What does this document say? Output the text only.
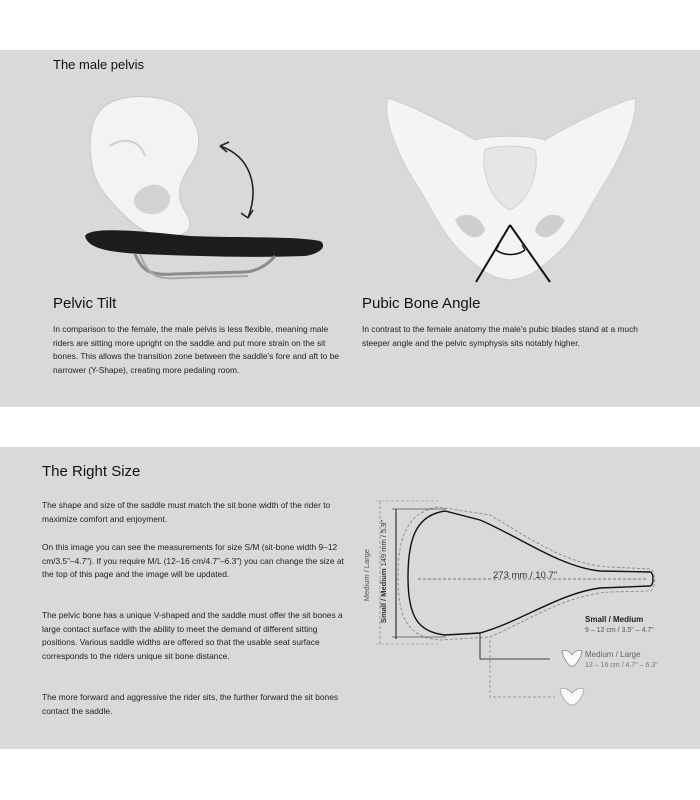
The male pelvis
Pelvic Tilt

In comparison to the female, the male pelvis is less flexible, meaning male riders are sitting more upright on the saddle and put more strain on the sit bones. This allows the transition zone between the saddle’s fore and aft to be narrower (Y-Shape), creating more pedaling room.

Pubic Bone Angle

In contrast to the female anatomy the male’s pubic blades stand at a much steeper angle and the pelvic symphysis sits notably higher.

The Right Size

The shape and size of the saddle must match the sit bone width of the rider to maximize comfort and enjoyment.

On this image you can see the measurements for size S/M (sit-bone width 9–12 cm/3.5”–4.7”). If you require M/L (12–16 cm/4.7”–6.3”) you can change the size at the top of this page and the image will be updated.

The pelvic bone has a unique V-shaped and the saddle must offer the sit bones a large contact surface with the ability to meet the demand of different sitting positions. Various saddle widths are offered so that the usable seat surface corresponds to the riders unique sit bone distance.

The more forward and aggressive the rider sits, the further forward the sit bones contact the saddle.

273 mm / 10.7"
Small / Medium 149 mm / 5.9"
Medium / Large
Small / Medium
9 – 12 cm / 3.5" – 4.7"
Medium / Large
12 – 16 cm / 4.7" – 6.3"
